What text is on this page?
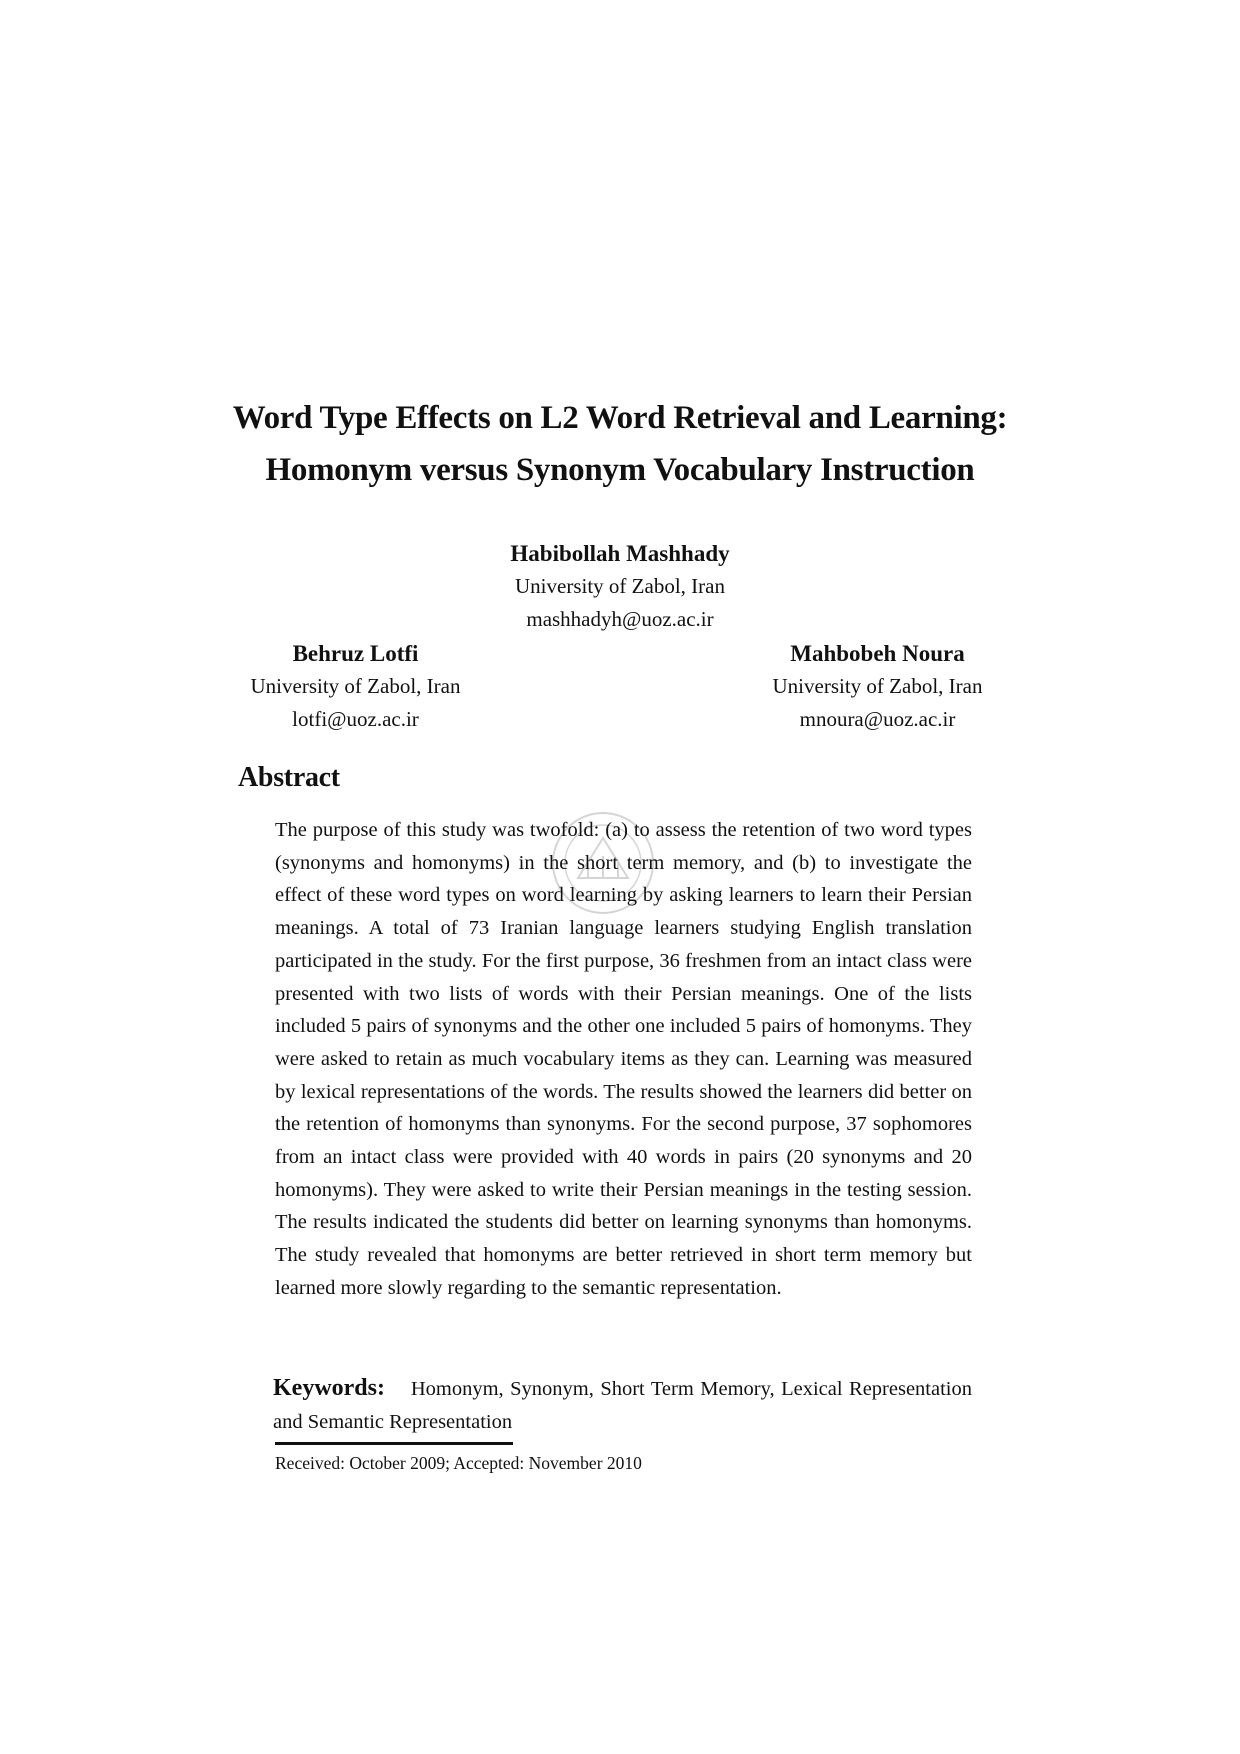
Word Type Effects on L2 Word Retrieval and Learning:
Homonym versus Synonym Vocabulary Instruction
Habibollah Mashhady
University of Zabol, Iran
mashhadyh@uoz.ac.ir
Behruz Lotfi
University of Zabol, Iran
lotfi@uoz.ac.ir
Mahbobeh Noura
University of Zabol, Iran
mnoura@uoz.ac.ir
Abstract

The purpose of this study was twofold: (a) to assess the retention of two word types (synonyms and homonyms) in the short term memory, and (b) to investigate the effect of these word types on word learning by asking learners to learn their Persian meanings. A total of 73 Iranian language learners studying English translation participated in the study. For the first purpose, 36 freshmen from an intact class were presented with two lists of words with their Persian meanings. One of the lists included 5 pairs of synonyms and the other one included 5 pairs of homonyms. They were asked to retain as much vocabulary items as they can. Learning was measured by lexical representations of the words. The results showed the learners did better on the retention of homonyms than synonyms. For the second purpose, 37 sophomores from an intact class were provided with 40 words in pairs (20 synonyms and 20 homonyms). They were asked to write their Persian meanings in the testing session. The results indicated the students did better on learning synonyms than homonyms. The study revealed that homonyms are better retrieved in short term memory but learned more slowly regarding to the semantic representation.

Keywords: Homonym, Synonym, Short Term Memory, Lexical Representation and Semantic Representation

Received: October 2009; Accepted: November 2010
